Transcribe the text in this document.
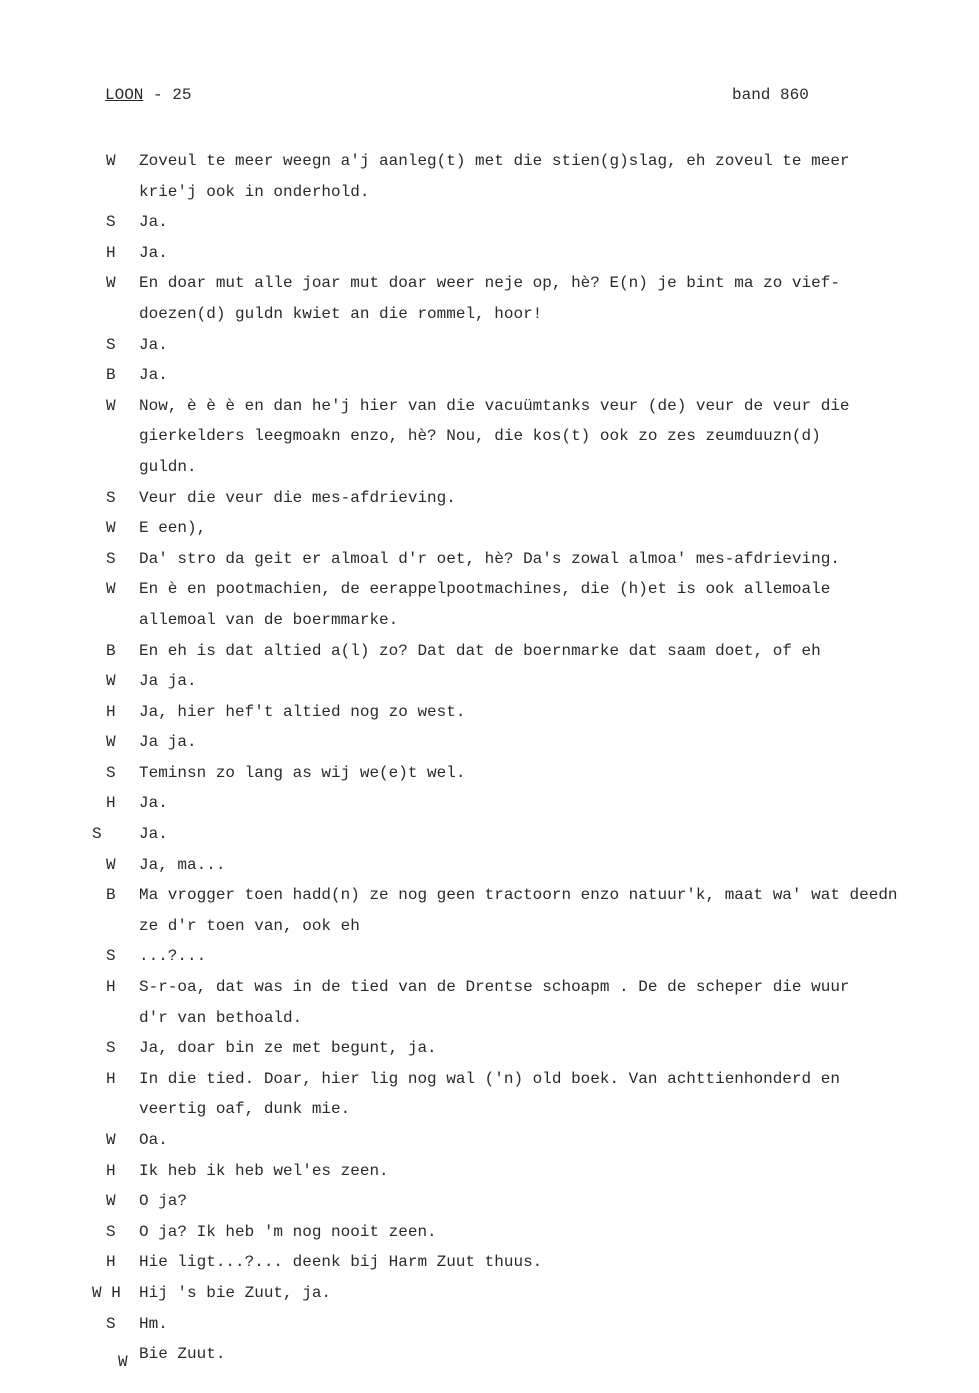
LOON - 25	band 860
W Zoveul te meer weegn a'j aanleg(t) met die stien(g)slag, eh zoveul te meer
krie'j ook in onderhold.
S Ja.
H Ja.
W En doar mut alle joar mut doar weer neje op, hè? E(n) je bint ma zo vief-
doezen(d) guldn kwiet an die rommel, hoor!
S Ja.
B Ja.
W Now, è è è en dan he'j hier van die vacuümtanks veur (de) veur de veur die
gierkelders leegmoakn enzo, hè? Nou, die kos(t) ook zo zes zeumduuzn(d)
guldn.
S Veur die veur die mes-afdrieving.
W E een),
S Da' stro da geit er almoal d'r oet, hè? Da's zowal almoa' mes-afdrieving.
W En è en pootmachien, de eerappelpootmachines, die (h)et is ook allemoale
allemoal van de boermmarke.
B En eh is dat altied a(l) zo? Dat dat de boernmarke dat saam doet, of eh
W Ja ja.
H Ja, hier hef't altied nog zo west.
W Ja ja.
S Teminsn zo lang as wij we(e)t wel.
H Ja.
S Ja.
W Ja, ma...
B Ma vrogger toen hadd(n) ze nog geen tractoorn enzo natuur'k, maat wa' wat deedn
ze d'r toen van, ook eh
S ...?...
H S-r-oa, dat was in de tied van de Drentse schoapm . De de scheper die wuur
d'r van bethoald.
S Ja, doar bin ze met begunt, ja.
H In die tied. Doar, hier lig nog wal ('n) old boek. Van achttienhonderd en
veertig oaf, dunk mie.
W Oa.
H Ik heb ik heb wel'es zeen.
W O ja?
S O ja? Ik heb 'm nog nooit zeen.
H Hie ligt...?... deenk bij Harm Zuut thuus.
W H Hij 's bie Zuut, ja.
S Hm.
W Bie Zuut.
